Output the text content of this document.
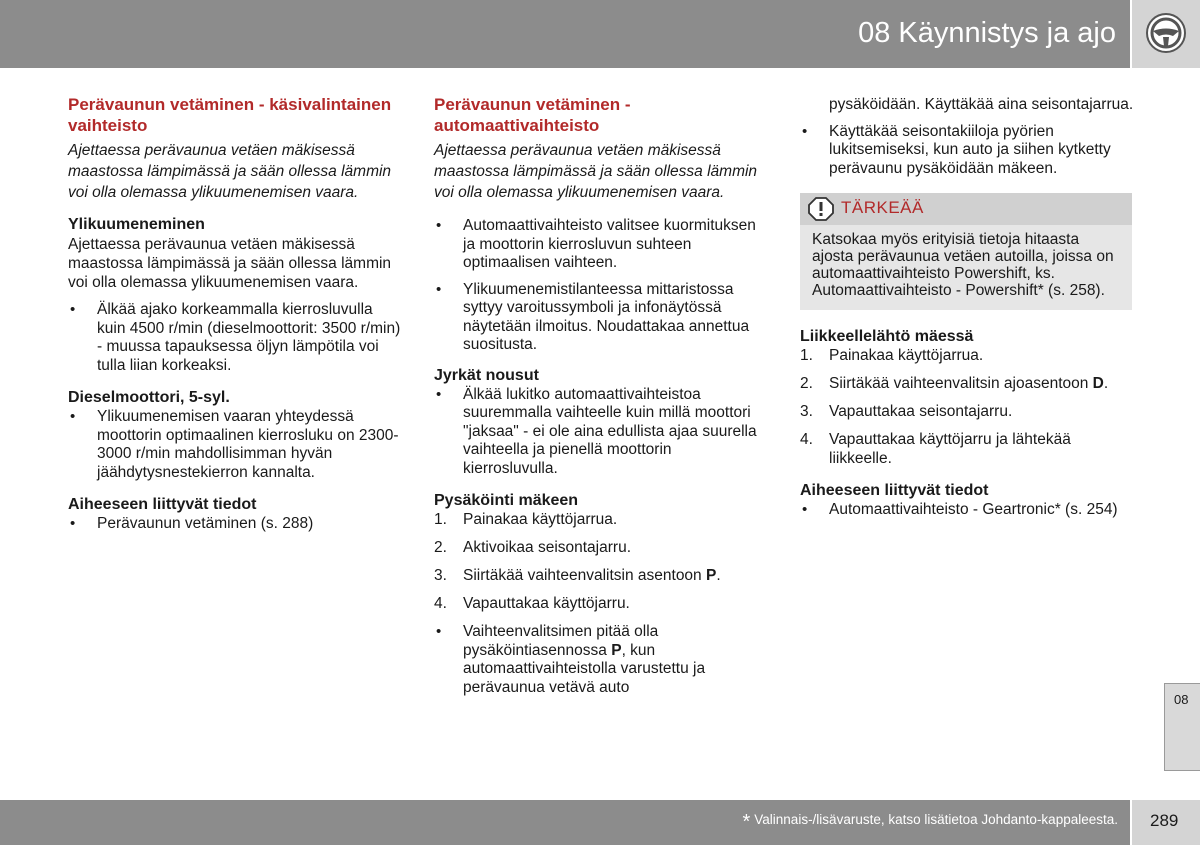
08 Käynnistys ja ajo
Perävaunun vetäminen - käsivalintainen vaihteisto
Ajettaessa perävaunua vetäen mäkisessä maastossa lämpimässä ja sään ollessa lämmin voi olla olemassa ylikuumenemisen vaara.
Ylikuumeneminen
Ajettaessa perävaunua vetäen mäkisessä maastossa lämpimässä ja sään ollessa lämmin voi olla olemassa ylikuumenemisen vaara.
• Älkää ajako korkeammalla kierrosluvulla kuin 4500 r/min (dieselmoottorit: 3500 r/min) - muussa tapauksessa öljyn lämpötila voi tulla liian korkeaksi.
Dieselmoottori, 5-syl.
• Ylikuumenemisen vaaran yhteydessä moottorin optimaalinen kierrosluku on 2300-3000 r/min mahdollisimman hyvän jäähdytysnestekierron kannalta.
Aiheeseen liittyvät tiedot
• Perävaunun vetäminen (s. 288)
Perävaunun vetäminen - automaattivaihteisto
Ajettaessa perävaunua vetäen mäkisessä maastossa lämpimässä ja sään ollessa lämmin voi olla olemassa ylikuumenemisen vaara.
• Automaattivaihteisto valitsee kuormituksen ja moottorin kierrosluvun suhteen optimaalisen vaihteen.
• Ylikuumenemistilanteessa mittaristossa syttyy varoitussymboli ja infonäytössä näytetään ilmoitus. Noudattakaa annettua suositusta.
Jyrkät nousut
• Älkää lukitko automaattivaihteistoa suuremmalla vaihteelle kuin millä moottori "jaksaa" - ei ole aina edullista ajaa suurella vaihteella ja pienellä moottorin kierrosluvulla.
Pysäköinti mäkeen
1. Painakaa käyttöjarrua.
2. Aktivoikaa seisontajarru.
3. Siirtäkää vaihteenvalitsin asentoon P.
4. Vapauttakaa käyttöjarru.
• Vaihteenvalitsimen pitää olla pysäköintiasennossa P, kun automaattivaihteistolla varustettu ja perävaunua vetävä auto
pysäköidään. Käyttäkää aina seisontajarrua.
• Käyttäkää seisontakiiloja pyörien lukitsemiseksi, kun auto ja siihen kytketty perävaunu pysäköidään mäkeen.
TÄRKEÄÄ
Katsokaa myös erityisiä tietoja hitaasta ajosta perävaunua vetäen autoilla, joissa on automaattivaihteisto Powershift, ks. Automaattivaihteisto - Powershift* (s. 258).
Liikkeellelähtö mäessä
1. Painakaa käyttöjarrua.
2. Siirtäkää vaihteenvalitsin ajoasentoon D.
3. Vapauttakaa seisontajarru.
4. Vapauttakaa käyttöjarru ja lähtekää liikkeelle.
Aiheeseen liittyvät tiedot
• Automaattivaihteisto - Geartronic* (s. 254)
08
* Valinnais-/lisävaruste, katso lisätietoa Johdanto-kappaleesta. 289
